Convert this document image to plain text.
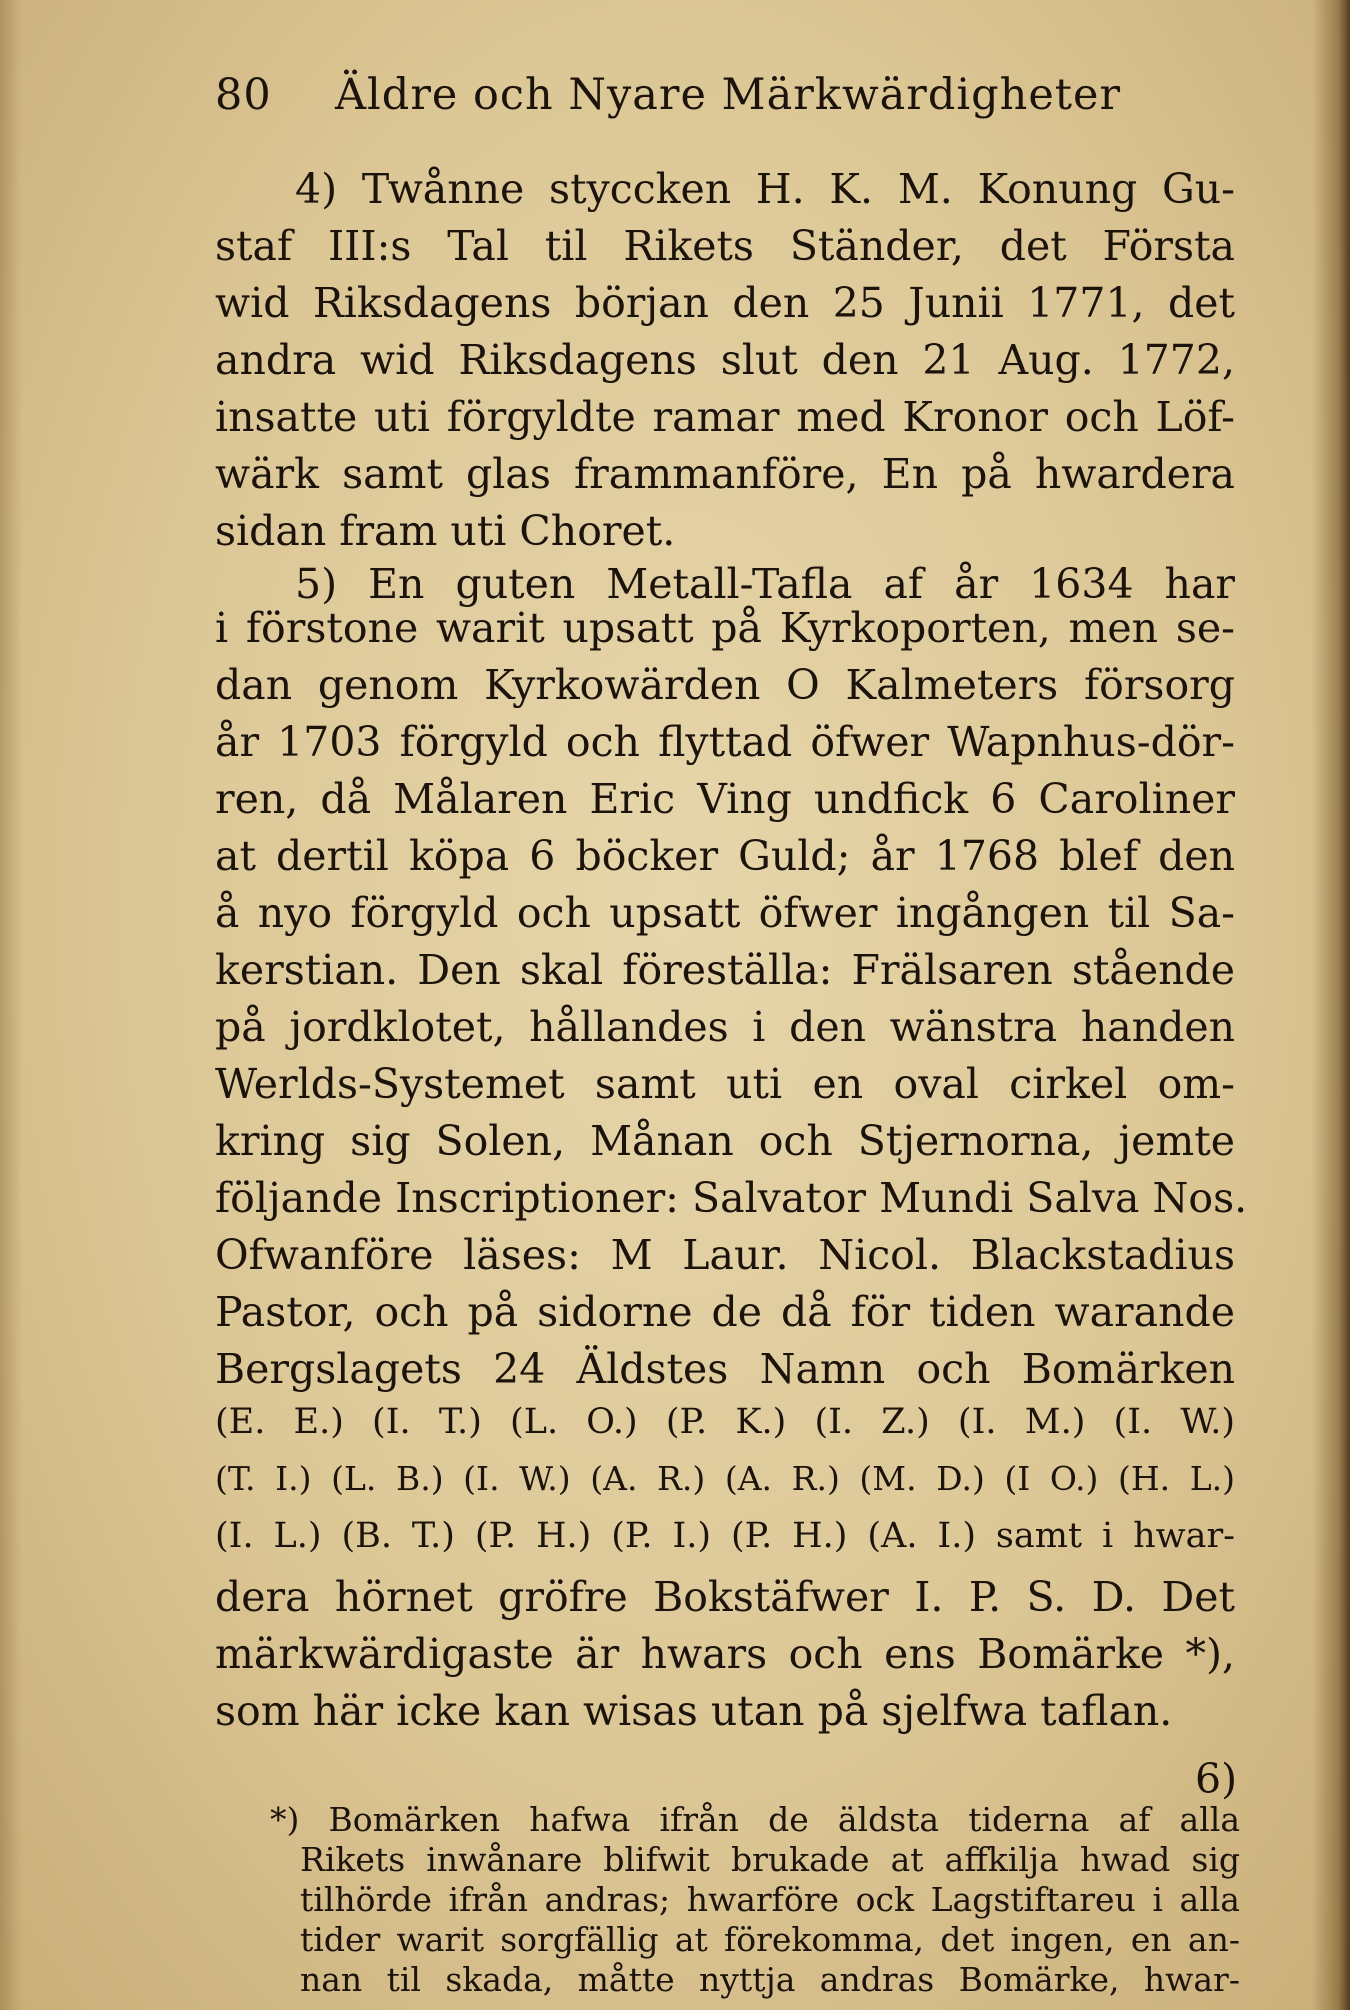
80 Äldre och Nyare Märkwärdigheter
4) Twånne styccken H. K. M. Konung Gu-
staf III:s Tal til Rikets Ständer, det Första
wid Riksdagens början den 25 Junii 1771, det
andra wid Riksdagens slut den 21 Aug. 1772,
insatte uti förgyldte ramar med Kronor och Löf-
wärk samt glas frammanföre, En på hwardera
sidan fram uti Choret.
5) En guten Metall-Tafla af år 1634 har
i förstone warit upsatt på Kyrkoporten, men se-
dan genom Kyrkowärden O Kalmeters försorg
år 1703 förgyld och flyttad öfwer Wapnhus-dör-
ren, då Målaren Eric Ving undfick 6 Caroliner
at dertil köpa 6 böcker Guld; år 1768 blef den
å nyo förgyld och upsatt öfwer ingången til Sa-
kerstian. Den skal föreställa: Frälsaren stående
på jordklotet, hållandes i den wänstra handen
Werlds-Systemet samt uti en oval cirkel om-
kring sig Solen, Månan och Stjernorna, jemte
följande Inscriptioner: Salvator Mundi Salva Nos.
Ofwanföre läses: M Laur. Nicol. Blackstadius
Pastor, och på sidorne de då för tiden warande
Bergslagets 24 Äldstes Namn och Bomärken
(E. E.) (I. T.) (L. O.) (P. K.) (I. Z.) (I. M.) (I. W.)
(T. I.) (L. B.) (I. W.) (A. R.) (A. R.) (M. D.) (I O.) (H. L.)
(I. L.) (B. T.) (P. H.) (P. I.) (P. H.) (A. I.) samt i hwar-
dera hörnet gröfre Bokstäfwer I. P. S. D. Det
märkwärdigaste är hwars och ens Bomärke *),
som här icke kan wisas utan på sjelfwa taflan.
6)
*) Bomärken hafwa ifrån de äldsta tiderna af alla
Rikets inwånare blifwit brukade at affkilja hwad sig
tilhörde ifrån andras; hwarföre ock Lagstiftareu i alla
tider warit sorgfällig at förekomma, det ingen, en an-
nan til skada, måtte nyttja andras Bomärke, hwar-
